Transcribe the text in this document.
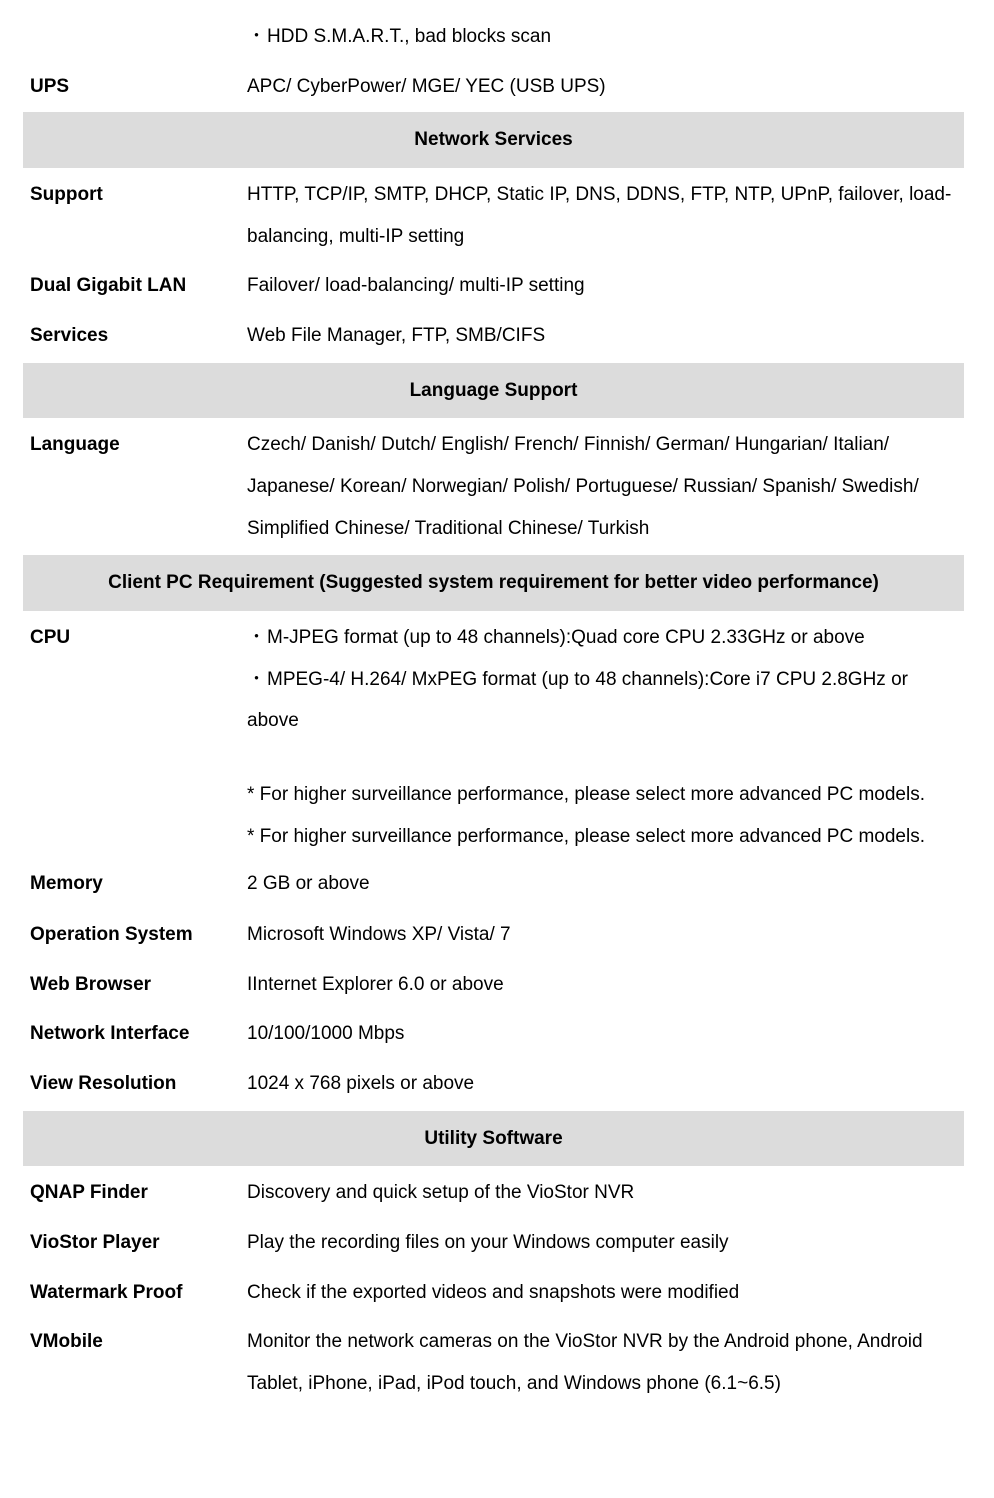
・ HDD S.M.A.R.T., bad blocks scan
UPS	APC/ CyberPower/ MGE/ YEC (USB UPS)
Network Services
Support	HTTP, TCP/IP, SMTP, DHCP, Static IP, DNS, DDNS, FTP, NTP, UPnP, failover, load-balancing, multi-IP setting
Dual Gigabit LAN	Failover/ load-balancing/ multi-IP setting
Services	Web File Manager, FTP, SMB/CIFS
Language Support
Language	Czech/ Danish/ Dutch/ English/ French/ Finnish/ German/ Hungarian/ Italian/ Japanese/ Korean/ Norwegian/ Polish/ Portuguese/ Russian/ Spanish/ Swedish/ Simplified Chinese/ Traditional Chinese/ Turkish
Client PC Requirement (Suggested system requirement for better video performance)
CPU
・	M-JPEG format (up to 48 channels):Quad core CPU 2.33GHz or above
・ MPEG-4/ H.264/ MxPEG format (up to 48 channels):Core i7 CPU 2.8GHz or above
* For higher surveillance performance, please select more advanced PC models.
* For higher surveillance performance, please select more advanced PC models.
Memory	2 GB or above
Operation System	Microsoft Windows XP/ Vista/ 7
Web Browser	IInternet Explorer 6.0 or above
Network Interface	10/100/1000 Mbps
View Resolution	1024 x 768 pixels or above
Utility Software
QNAP Finder	Discovery and quick setup of the VioStor NVR
VioStor Player	Play the recording files on your Windows computer easily
Watermark Proof	Check if the exported videos and snapshots were modified
VMobile	Monitor the network cameras on the VioStor NVR by the Android phone, Android Tablet, iPhone, iPad, iPod touch, and Windows phone (6.1~6.5)
